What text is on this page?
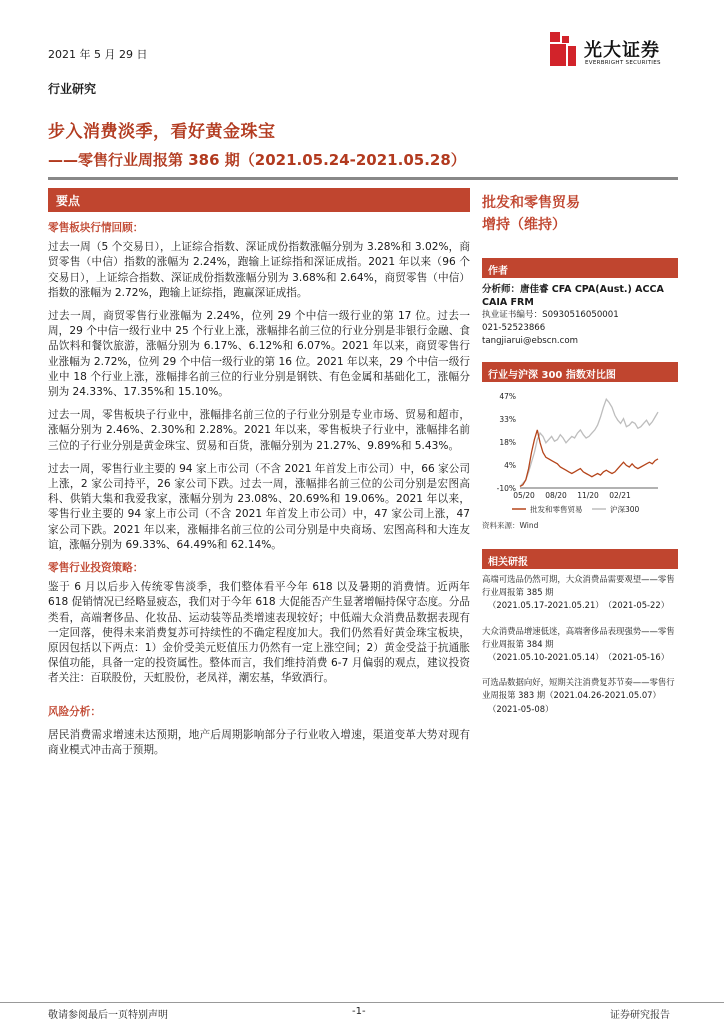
2021 年 5 月 29 日	光大证券
EVERBRIGHT SECURITIES
行业研究
步入消费淡季，看好黄金珠宝
——零售行业周报第 386 期（2021.05.24-2021.05.28）
要点
零售板块行情回顾：

过去一周（5 个交易日），上证综合指数、深证成份指数涨幅分别为 3.28%和 3.02%，商贸零售（中信）指数的涨幅为 2.24%，跑输上证综指和深证成指。2021 年以来（96 个交易日），上证综合指数、深证成份指数涨幅分别为 3.68%和 2.64%，商贸零售（中信）指数的涨幅为 2.72%，跑输上证综指，跑赢深证成指。

过去一周，商贸零售行业涨幅为 2.24%，位列 29 个中信一级行业的第 17 位。过去一周，29 个中信一级行业中 25 个行业上涨，涨幅排名前三位的行业分别是非银行金融、食品饮料和餐饮旅游，涨幅分别为 6.17%、6.12%和 6.07%。2021 年以来，商贸零售行业涨幅为 2.72%，位列 29 个中信一级行业的第 16 位。2021 年以来，29 个中信一级行业中 18 个行业上涨，涨幅排名前三位的行业分别是钢铁、有色金属和基础化工，涨幅分别为 24.33%、17.35%和 15.10%。

过去一周，零售板块子行业中，涨幅排名前三位的子行业分别是专业市场、贸易和超市，涨幅分别为 2.46%、2.30%和 2.28%。2021 年以来，零售板块子行业中，涨幅排名前三位的子行业分别是黄金珠宝、贸易和百货，涨幅分别为 21.27%、9.89%和 5.43%。

过去一周，零售行业主要的 94 家上市公司（不含 2021 年首发上市公司）中，66 家公司上涨，2 家公司持平，26 家公司下跌。过去一周，涨幅排名前三位的公司分别是宏图高科、供销大集和我爱我家，涨幅分别为 23.08%、20.69%和 19.06%。2021 年以来，零售行业主要的 94 家上市公司（不含 2021 年首发上市公司）中，47 家公司上涨，47 家公司下跌。2021 年以来，涨幅排名前三位的公司分别是中央商场、宏图高科和大连友谊，涨幅分别为 69.33%、64.49%和 62.14%。

零售行业投资策略：

鉴于 6 月以后步入传统零售淡季，我们整体看平今年 618 以及暑期的消费情。近两年 618 促销情况已经略显疲态，我们对于今年 618 大促能否产生显著增幅持保守态度。分品类看，高端奢侈品、化妆品、运动装等品类增速表现较好；中低端大众消费品数据表现有一定回落，使得未来消费复苏可持续性的不确定程度加大。我们仍然看好黄金珠宝板块，原因包括以下两点：1）金价受美元贬值压力仍然有一定上涨空间；2）黄金受益于抗通胀保值功能，具备一定的投资属性。整体而言，我们维持消费 6-7 月偏弱的观点，建议投资者关注：百联股份，天虹股份，老凤祥，潮宏基，华致酒行。

风险分析：

居民消费需求增速未达预期，地产后周期影响部分子行业收入增速，渠道变革大势对现有商业模式冲击高于预期。

批发和零售贸易
增持（维持）
作者
分析师：唐佳睿 CFA CPA(Aust.) ACCA CAIA FRM
执业证书编号：S0930516050001
021-52523866
tangjiarui@ebscn.com
行业与沪深 300 指数对比图
47%
33%
18%
4%
-10%
05/20 08/20 11/20 02/21
批发和零售贸易	沪深300
资料来源：Wind
相关研报
高端可选品仍然可期，大众消费品需要观望——零售行业周报第 385 期
（2021.05.17-2021.05.21）　（2021-05-22）
大众消费品增速低迷，高端奢侈品表现强势——零售行业周报第 384 期
（2021.05.10-2021.05.14）　（2021-05-16）
可选品数据向好，短期关注消费复苏节奏——零售行业周报第 383 期（2021.04.26-2021.05.07）
（2021-05-08）
敬请参阅最后一页特别声明	-1-	证券研究报告
